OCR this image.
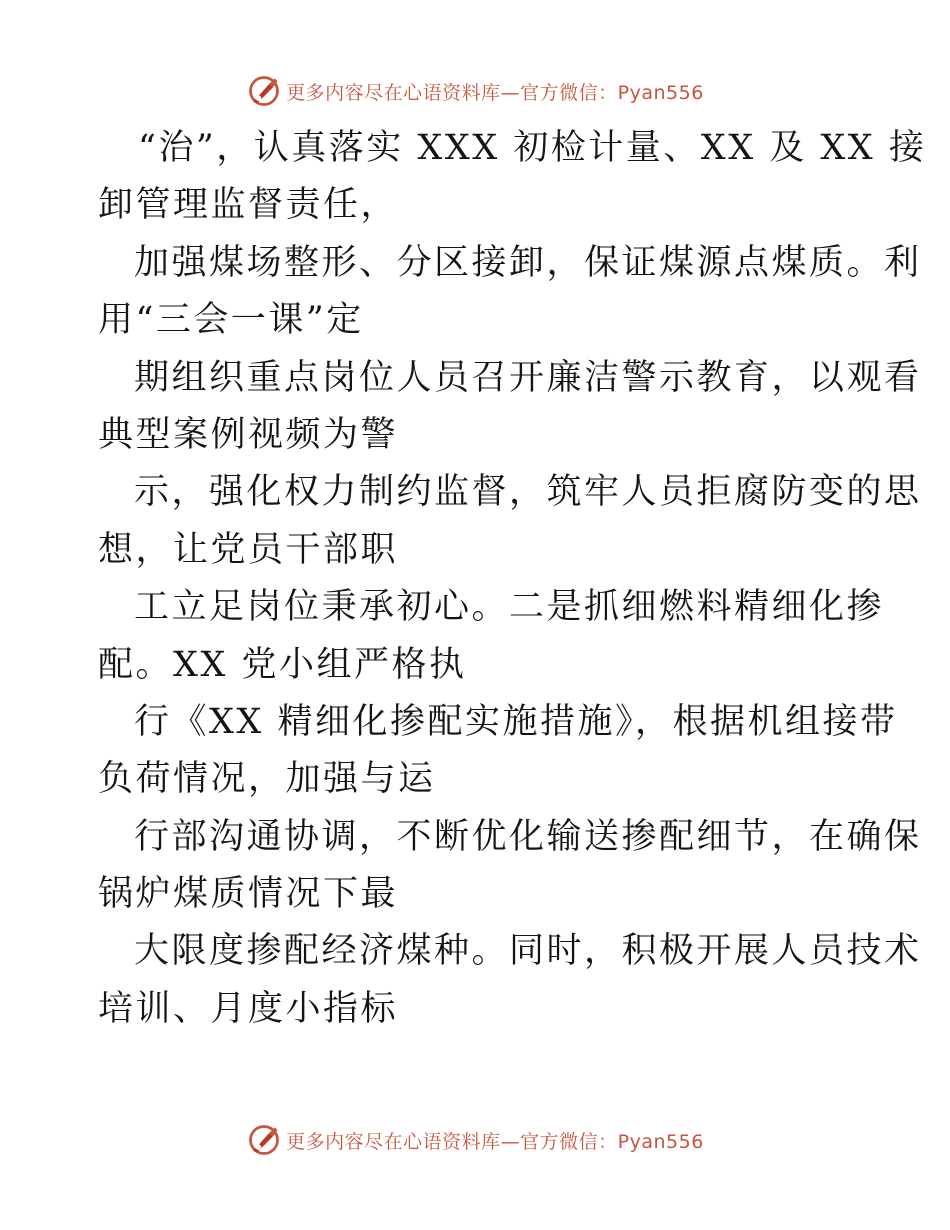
更多内容尽在心语资料库—官方微信：Pyan556
“治”，认真落实 XXX 初检计量、XX 及 XX 接
卸管理监督责任，
加强煤场整形、分区接卸，保证煤源点煤质。利
用“三会一课”定
期组织重点岗位人员召开廉洁警示教育，以观看
典型案例视频为警
示，强化权力制约监督，筑牢人员拒腐防变的思
想，让党员干部职
工立足岗位秉承初心。二是抓细燃料精细化掺
配。XX 党小组严格执
行《XX 精细化掺配实施措施》，根据机组接带
负荷情况，加强与运
行部沟通协调，不断优化输送掺配细节，在确保
锅炉煤质情况下最
大限度掺配经济煤种。同时，积极开展人员技术
培训、月度小指标
更多内容尽在心语资料库—官方微信：Pyan556
